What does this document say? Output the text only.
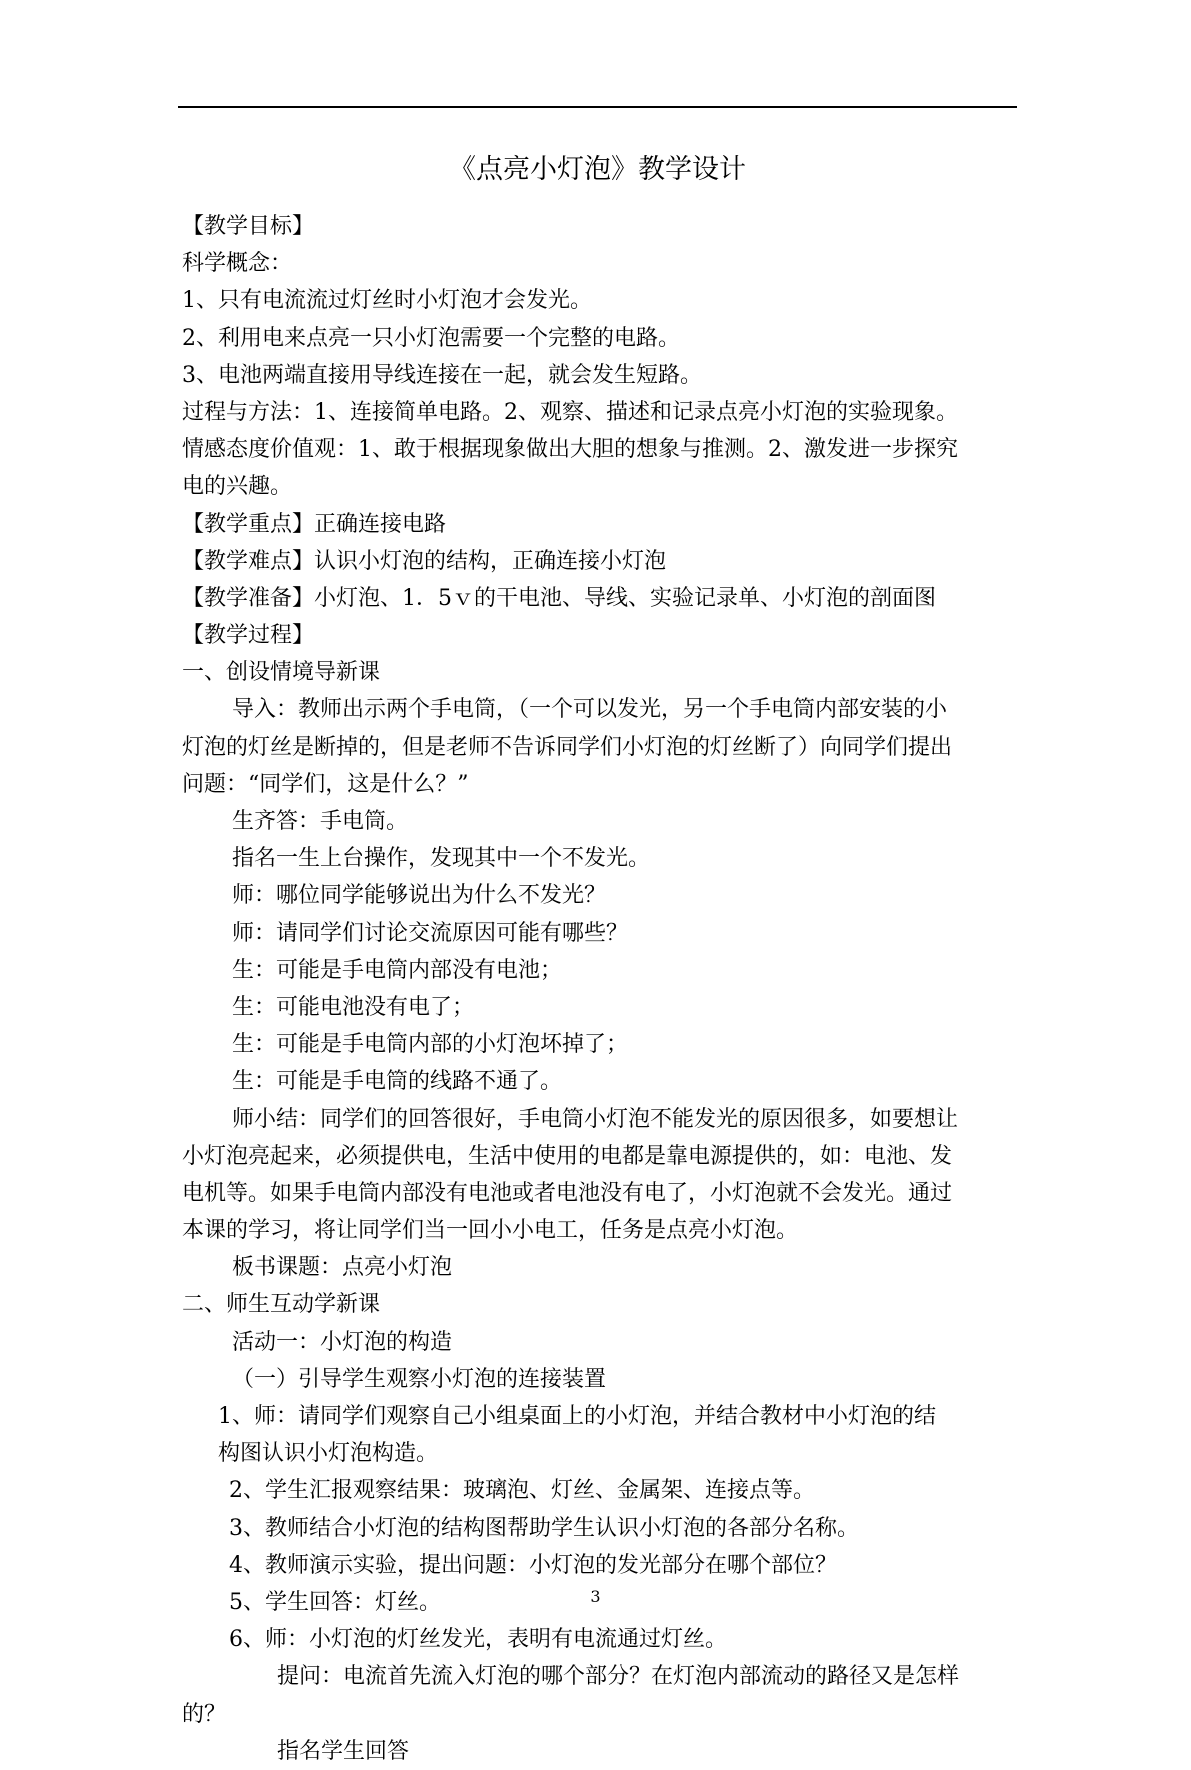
《点亮小灯泡》教学设计
【教学目标】
科学概念：
1、只有电流流过灯丝时小灯泡才会发光。
2、利用电来点亮一只小灯泡需要一个完整的电路。
3、电池两端直接用导线连接在一起，就会发生短路。
过程与方法：1、连接简单电路。2、观察、描述和记录点亮小灯泡的实验现象。
情感态度价值观：1、敢于根据现象做出大胆的想象与推测。2、激发进一步探究
电的兴趣。
【教学重点】正确连接电路
【教学难点】认识小灯泡的结构，正确连接小灯泡
【教学准备】小灯泡、1．5ｖ的干电池、导线、实验记录单、小灯泡的剖面图
【教学过程】
一、创设情境导新课
导入：教师出示两个手电筒，（一个可以发光，另一个手电筒内部安装的小
灯泡的灯丝是断掉的，但是老师不告诉同学们小灯泡的灯丝断了）向同学们提出
问题：“同学们，这是什么？”
生齐答：手电筒。
指名一生上台操作，发现其中一个不发光。
师：哪位同学能够说出为什么不发光？
师：请同学们讨论交流原因可能有哪些？
生：可能是手电筒内部没有电池；
生：可能电池没有电了；
生：可能是手电筒内部的小灯泡坏掉了；
生：可能是手电筒的线路不通了。
师小结：同学们的回答很好，手电筒小灯泡不能发光的原因很多，如要想让
小灯泡亮起来，必须提供电，生活中使用的电都是靠电源提供的，如：电池、发
电机等。如果手电筒内部没有电池或者电池没有电了，小灯泡就不会发光。通过
本课的学习，将让同学们当一回小小电工，任务是点亮小灯泡。
板书课题：点亮小灯泡
二、师生互动学新课
活动一：小灯泡的构造
（一）引导学生观察小灯泡的连接装置
1、师：请同学们观察自己小组桌面上的小灯泡，并结合教材中小灯泡的结
构图认识小灯泡构造。
2、学生汇报观察结果：玻璃泡、灯丝、金属架、连接点等。
3、教师结合小灯泡的结构图帮助学生认识小灯泡的各部分名称。
4、教师演示实验，提出问题：小灯泡的发光部分在哪个部位？
5、学生回答：灯丝。
6、师：小灯泡的灯丝发光，表明有电流通过灯丝。
提问：电流首先流入灯泡的哪个部分？在灯泡内部流动的路径又是怎样
的？
指名学生回答
3
